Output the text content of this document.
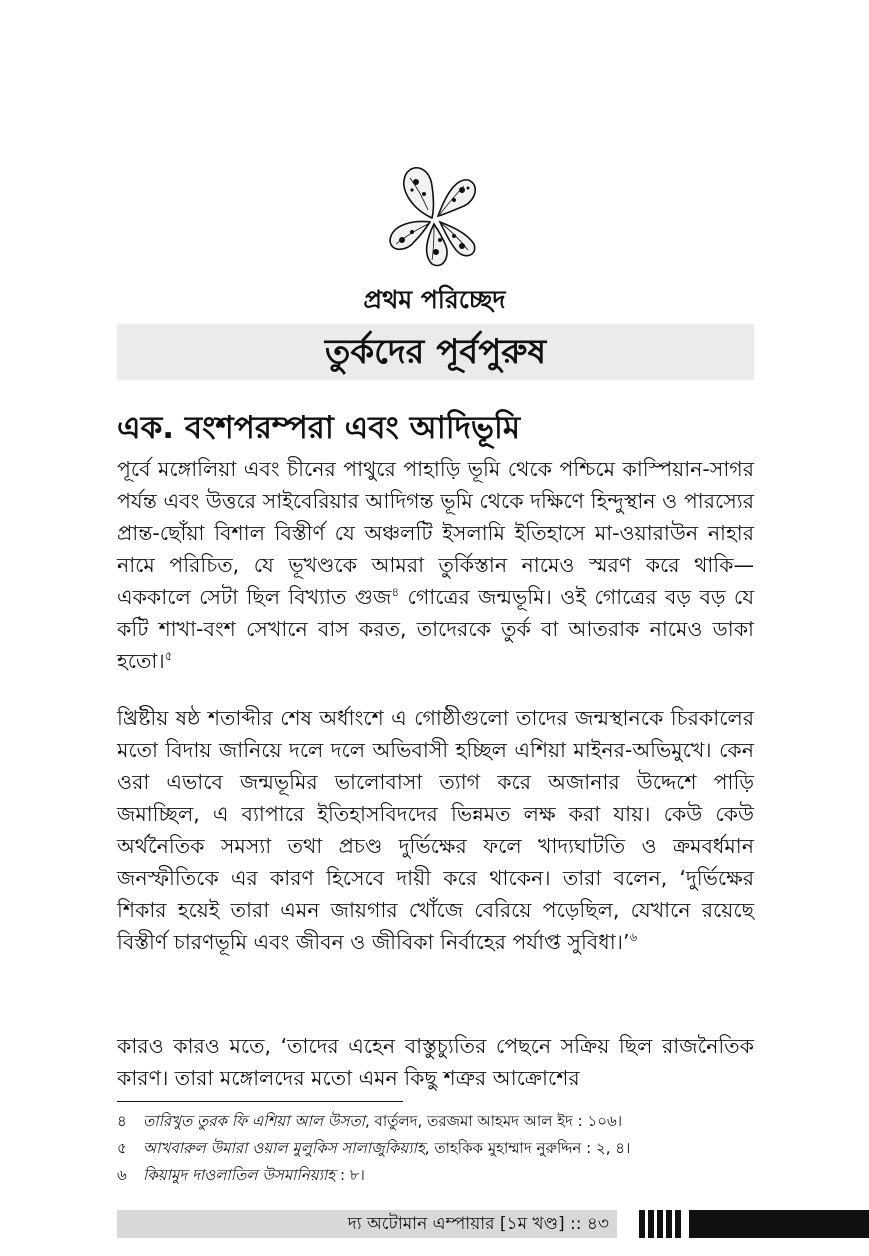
প্রথম পরিচ্ছেদ
তুর্কদের পূর্বপুরুষ
এক. বংশপরম্পরা এবং আদিভূমি

পূর্বে মঙ্গোলিয়া এবং চীনের পাথুরে পাহাড়ি ভূমি থেকে পশ্চিমে কাস্পিয়ান-সাগর পর্যন্ত এবং উত্তরে সাইবেরিয়ার আদিগন্ত ভূমি থেকে দক্ষিণে হিন্দুস্থান ও পারস্যের প্রান্ত-ছোঁয়া বিশাল বিস্তীর্ণ যে অঞ্চলটি ইসলামি ইতিহাসে মা-ওয়ারাউন নাহার নামে পরিচিত, যে ভূখণ্ডকে আমরা তুর্কিস্তান নামেও স্মরণ করে থাকি—এককালে সেটা ছিল বিখ্যাত গুজ$^৪$ গোত্রের জন্মভূমি। ওই গোত্রের বড় বড় যে কটি শাখা-বংশ সেখানে বাস করত, তাদেরকে তুর্ক বা আতরাক নামেও ডাকা হতো।$^৫$

খ্রিষ্টীয় ষষ্ঠ শতাব্দীর শেষ অর্ধাংশে এ গোষ্ঠীগুলো তাদের জন্মস্থানকে চিরকালের মতো বিদায় জানিয়ে দলে দলে অভিবাসী হচ্ছিল এশিয়া মাইনর-অভিমুখে। কেন ওরা এভাবে জন্মভূমির ভালোবাসা ত্যাগ করে অজানার উদ্দেশে পাড়ি জমাচ্ছিল, এ ব্যাপারে ইতিহাসবিদদের ভিন্নমত লক্ষ করা যায়। কেউ কেউ অর্থনৈতিক সমস্যা তথা প্রচণ্ড দুর্ভিক্ষের ফলে খাদ্যঘাটতি ও ক্রমবর্ধমান জনস্ফীতিকে এর কারণ হিসেবে দায়ী করে থাকেন। তারা বলেন, ‘দুর্ভিক্ষের শিকার হয়েই তারা এমন জায়গার খোঁজে বেরিয়ে পড়েছিল, যেখানে রয়েছে বিস্তীর্ণ চারণভূমি এবং জীবন ও জীবিকা নির্বাহের পর্যাপ্ত সুবিধা।’$^৬$

কারও কারও মতে, ‘তাদের এহেন বাস্তুচ্যুতির পেছনে সক্রিয় ছিল রাজনৈতিক কারণ। তারা মঙ্গোলদের মতো এমন কিছু শত্রুর আক্রোশের

৪	তারিখুত তুরক ফি এশিয়া আল উসতা, বার্তুলদ, তরজমা আহমদ আল ইদ : ১০৬।
৫	আখবারুল উমারা ওয়াল মুলুকিস সালাজুকিয়্যাহ, তাহকিক মুহাম্মাদ নুরুদ্দিন : ২, ৪।
৬	কিয়ামুদ দাওলাতিল উসমানিয়্যাহ : ৮।
দ্য অটোমান এম্পায়ার [১ম খণ্ড] :: ৪৩
